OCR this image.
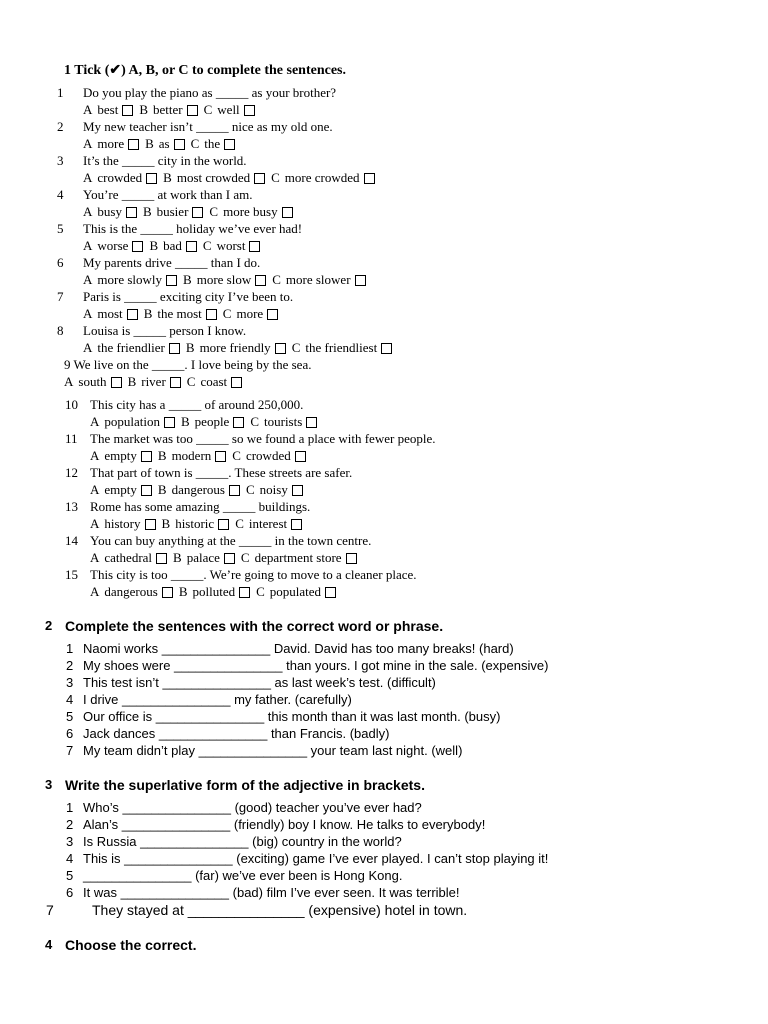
1 Tick (✔) A, B, or C to complete the sentences.
1 Do you play the piano as _____ as your brother?
A best B better C well
2 My new teacher isn’t _____ nice as my old one.
A more B as C the
3 It’s the _____ city in the world.
A crowded B most crowded C more crowded
4 You’re _____ at work than I am.
A busy B busier C more busy
5 This is the _____ holiday we’ve ever had!
A worse B bad C worst
6 My parents drive _____ than I do.
A more slowly B more slow C more slower
7 Paris is _____ exciting city I’ve been to.
A most B the most C more
8 Louisa is _____ person I know.
A the friendlier B more friendly C the friendliest
9 We live on the _____. I love being by the sea.
A south B river C coast
10 This city has a _____ of around 250,000.
A population B people C tourists
11 The market was too _____ so we found a place with fewer people.
A empty B modern C crowded
12 That part of town is _____. These streets are safer.
A empty B dangerous C noisy
13 Rome has some amazing _____ buildings.
A history B historic C interest
14 You can buy anything at the _____ in the town centre.
A cathedral B palace C department store
15 This city is too _____. We’re going to move to a cleaner place.
A dangerous B polluted C populated
2 Complete the sentences with the correct word or phrase.
1 Naomi works _______________ David. David has too many breaks! (hard)
2 My shoes were _______________ than yours. I got mine in the sale. (expensive)
3 This test isn’t _______________ as last week’s test. (difficult)
4 I drive _______________ my father. (carefully)
5 Our office is _______________ this month than it was last month. (busy)
6 Jack dances _______________ than Francis. (badly)
7 My team didn’t play _______________ your team last night. (well)
3 Write the superlative form of the adjective in brackets.
1 Who’s _______________ (good) teacher you’ve ever had?
2 Alan’s _______________ (friendly) boy I know. He talks to everybody!
3 Is Russia _______________ (big) country in the world?
4 This is _______________ (exciting) game I’ve ever played. I can’t stop playing it!
5 _______________ (far) we’ve ever been is Hong Kong.
6 It was _______________ (bad) film I’ve ever seen. It was terrible!
7	They stayed at _______________ (expensive) hotel in town.
4 Choose the correct.
